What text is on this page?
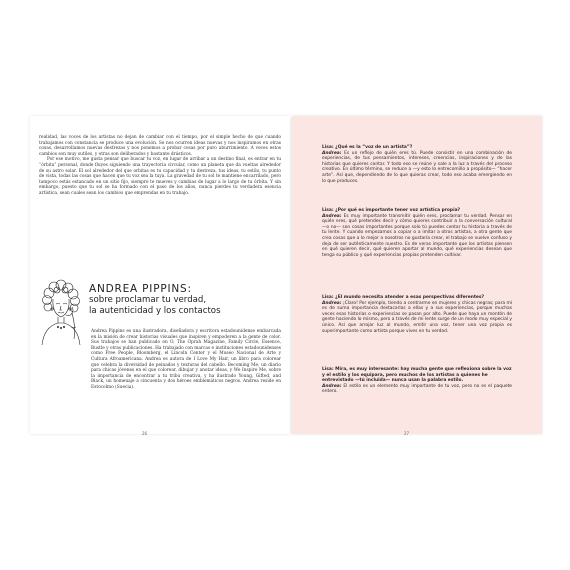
realidad, las voces de los artistas no dejan de cambiar con el tiempo, por el simple hecho de que cuando trabajamos con constancia se produce una evolución. Se nos ocurren ideas nuevas y nos inspiramos en otras cosas, desarrollamos nuevas destrezas y nos ponemos a probar cosas por puro aburrimiento. A veces estos cambios son muy sutiles, y otras son deliberados y bastante drásticos.

Por ese motivo, me gusta pensar que buscar tu voz, en lugar de arribar a un destino final, es entrar en tu “órbita” personal, donde fluyes siguiendo una trayectoria circular, como un planeta que da vueltas alrededor de su astro solar. El sol alrededor del que orbitas es tu capacidad y tu destreza, tus ideas, tu estilo, tu punto de vista, todas las cosas que hacen que tu voz sea la tuya. La gravedad de tu sol te mantiene encarrilado, pero tampoco estás estancado en un sitio fijo, siempre te mueves y cambias de lugar a lo largo de tu órbita. Y sin embargo, puesto que tu sol se ha formado con el paso de los años, nunca pierdes tu verdadera esencia artística, sean cuales sean los cambios que emprendas en tu trabajo.

ANDREA PIPPINS:
sobre proclamar tu verdad,
la autenticidad y los contactos
Andrea Pippins es una ilustradora, diseñadora y escritora estadounidense embarcada en la misión de crear historias visuales que inspiren y empoderen a la gente de color. Sus trabajos se han publicado en O, The Oprah Magazine, Family Circle, Essence, Bustle y otras publicaciones. Ha trabajado con marcas e instituciones estadounidenses como Free People, Bloomberg, el Lincoln Center y el Museo Nacional de Arte y Cultura Afroamericana. Andrea es autora de I Love My Hair, un libro para colorear que celebra la diversidad de peinados y texturas del cabello. Becoming Me, un diario para chicas jóvenes en el que colorear, dibujar y anotar ideas, y We Inspire Me, sobre la importancia de encontrar a tu tribu creativa, y ha ilustrado Young, Gifted, and Black, un homenaje a cincuenta y dos héroes emblemáticos negros. Andrea reside en Estocolmo (Suecia).
26
Lisa: ¿Qué es la “voz de un artista”?
Andrea: Es un reflejo de quién eres tú. Puede consistir en una combinación de experiencias, de tus pensamientos, intereses, creencias, inspiraciones y de las historias que quieres contar. Y todo eso se reúne y sale a la luz a través del proceso creativo. En último término, se reduce a —y esto lo entrecomillo a propósito— “hacer arte”. Así que, dependiendo de lo que quieras crear, todo eso acaba emergiendo en lo que produces.
Lisa: ¿Por qué es importante tener voz artística propia?
Andrea: Es muy importante transmitir quién eres, proclamar tu verdad. Pensar en quién eres, qué pretendes decir y cómo quieres contribuir a la conversación cultural —o no— son cosas importantes porque solo tú puedes contar tu historia a través de tu lente. Y cuando empezamos a copiar o a imitar a otros artistas, a otra gente que crea cosas que a lo mejor a nosotros no gustaría crear, el trabajo se vuelve confuso y deja de ser auténticamente nuestro. Es de veras importante que los artistas piensen en qué quieren decir, qué quieren aportar al mundo, qué experiencias desean que tenga su público y qué experiencias propias pretenden cultivar.
Lisa: ¿El mundo necesita atender a esas perspectivas diferentes?
Andrea: ¡Claro! Por ejemplo, tiendo a centrarme en mujeres y chicas negras; para mí es de suma importancia destacarlas a ellas y a sus experiencias, porque muchas veces esas historias o experiencias se pasan por alto. Puede que haya un montón de gente haciendo lo mismo, pero a través de mi lente surge de un modo muy especial y único. Así que arrojar luz al mundo, emitir una voz, tener una voz propia es superimportante como artista porque vives en tu verdad.
Lisa: Mira, es muy interesante: hay mucha gente que reflexiona sobre la voz y el estilo y los equipara, pero muchos de los artistas a quienes he entrevistado —tú incluida— nunca usan la palabra estilo.
Andrea: El estilo es un elemento muy importante de tu voz, pero no es el paquete entero.
27
